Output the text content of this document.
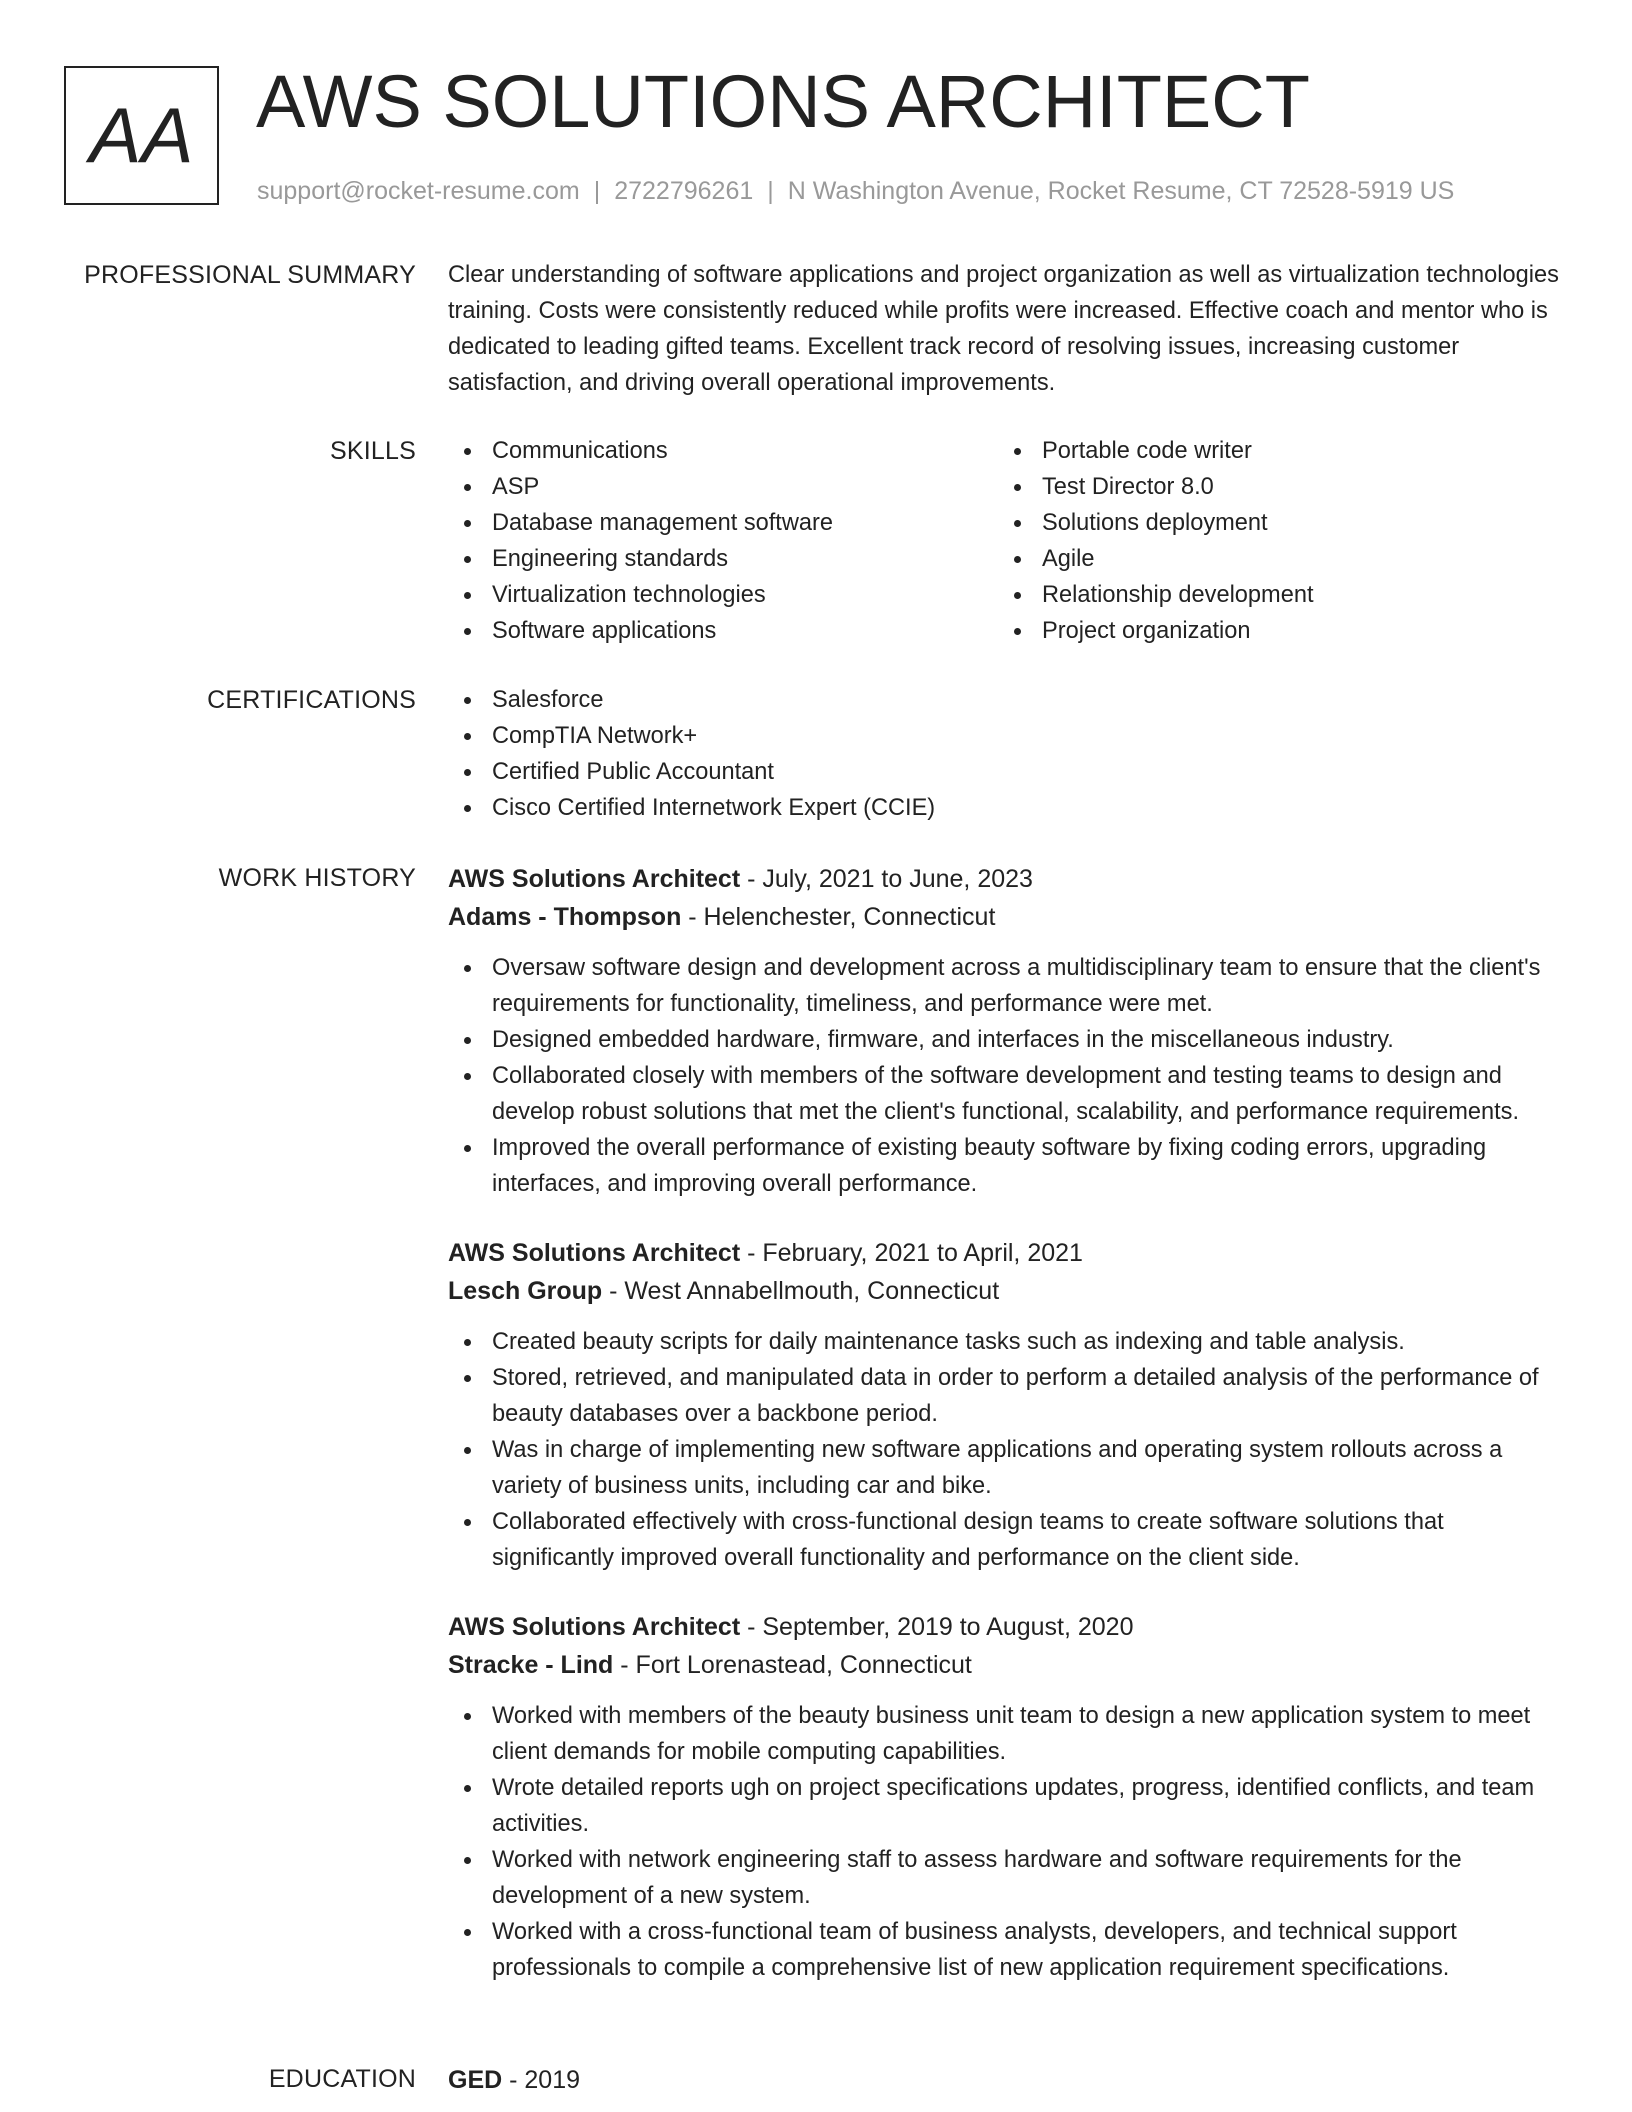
AA AWS SOLUTIONS ARCHITECT
support@rocket-resume.com | 2722796261 | N Washington Avenue, Rocket Resume, CT 72528-5919 US
PROFESSIONAL SUMMARY Clear understanding of software applications and project organization as well as virtualization technologies training. Costs were consistently reduced while profits were increased. Effective coach and mentor who is dedicated to leading gifted teams. Excellent track record of resolving issues, increasing customer satisfaction, and driving overall operational improvements.

SKILLS	Communications
ASP
Database management software
Engineering standards
Virtualization technologies
Software applications
Portable code writer
Test Director 8.0
Solutions deployment
Agile
Relationship development
Project organization
CERTIFICATIONS	Salesforce
CompTIA Network+
Certified Public Accountant
Cisco Certified Internetwork Expert (CCIE)
WORK HISTORY AWS Solutions Architect - July, 2021 to June, 2023
Adams - Thompson - Helenchester, Connecticut
Oversaw software design and development across a multidisciplinary team to ensure that the client's requirements for functionality, timeliness, and performance were met.
Designed embedded hardware, firmware, and interfaces in the miscellaneous industry.
Collaborated closely with members of the software development and testing teams to design and develop robust solutions that met the client's functional, scalability, and performance requirements.
Improved the overall performance of existing beauty software by fixing coding errors, upgrading interfaces, and improving overall performance.
AWS Solutions Architect - February, 2021 to April, 2021
Lesch Group - West Annabellmouth, Connecticut
Created beauty scripts for daily maintenance tasks such as indexing and table analysis.
Stored, retrieved, and manipulated data in order to perform a detailed analysis of the performance of beauty databases over a backbone period.
Was in charge of implementing new software applications and operating system rollouts across a variety of business units, including car and bike.
Collaborated effectively with cross-functional design teams to create software solutions that significantly improved overall functionality and performance on the client side.
AWS Solutions Architect - September, 2019 to August, 2020
Stracke - Lind - Fort Lorenastead, Connecticut
Worked with members of the beauty business unit team to design a new application system to meet client demands for mobile computing capabilities.
Wrote detailed reports ugh on project specifications updates, progress, identified conflicts, and team activities.
Worked with network engineering staff to assess hardware and software requirements for the development of a new system.
Worked with a cross-functional team of business analysts, developers, and technical support professionals to compile a comprehensive list of new application requirement specifications.
EDUCATION GED - 2019
